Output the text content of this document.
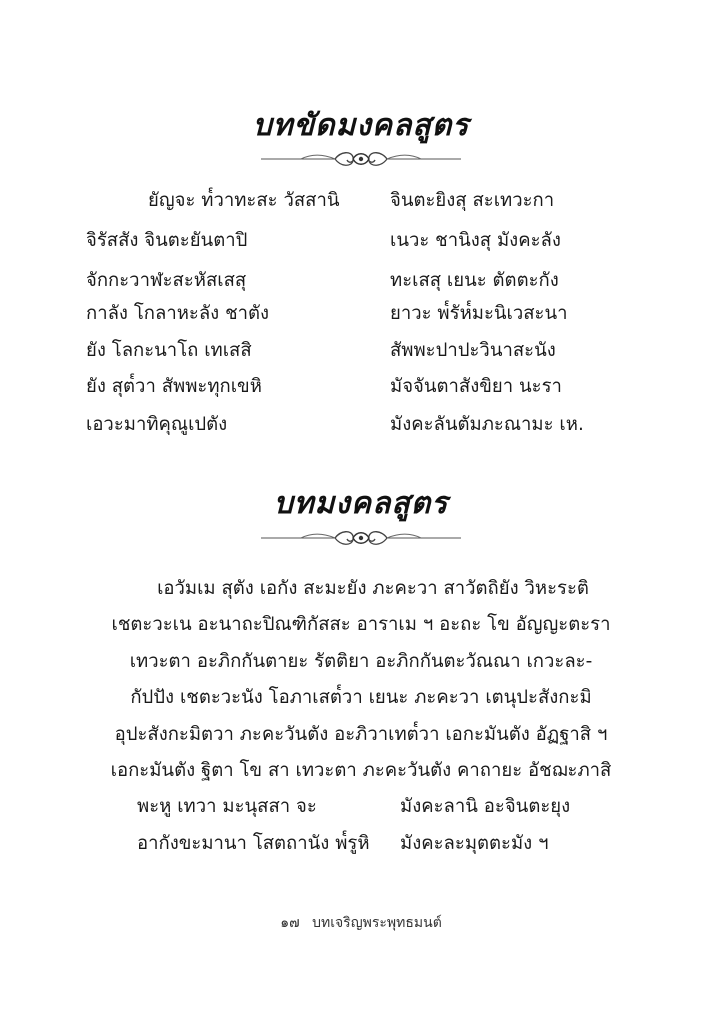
บทขัดมงคลสูตร
ยัญจะ ท๎วาทะสะ วัสสานิ	จินตะยิงสุ สะเทวะกา
จิรัสสัง จินตะยันตาปิ	เนวะ ชานิงสุ มังคะลัง
จักกะวาฬะสะหัสเสสุ	ทะเสสุ เยนะ ตัตตะกัง
กาลัง โกลาหะลัง ชาตัง	ยาวะ พ๎รัห๎มะนิเวสะนา
ยัง โลกะนาโถ เทเสสิ	สัพพะปาปะวินาสะนัง
ยัง สุต๎วา สัพพะทุกเขหิ	มัจจันตาสังขิยา นะรา
เอวะมาทิคุณูเปตัง	มังคะลันตัมภะณามะ เห.
บทมงคลสูตร
เอวัมเม สุตัง เอกัง สะมะยัง ภะคะวา สาวัตถิยัง วิหะระติ
เชตะวะเน อะนาถะปิณฑิกัสสะ อาราเม ฯ อะถะ โข อัญญะตะรา
เทวะตา อะภิกกันตายะ รัตติยา อะภิกกันตะวัณณา เกวะละ-
กัปปัง เชตะวะนัง โอภาเสต๎วา เยนะ ภะคะวา เตนุปะสังกะมิ
อุปะสังกะมิตวา ภะคะวันตัง อะภิวาเทต๎วา เอกะมันตัง อัฏฐาสิ ฯ
เอกะมันตัง ฐิตา โข สา เทวะตา ภะคะวันตัง คาถายะ อัชฌะภาสิ
พะหู เทวา มะนุสสา จะ	มังคะลานิ อะจินตะยุง
อากังขะมานา โสตถานัง พ๎รูหิ	มังคะละมุตตะมัง ฯ
๑๗ บทเจริญพระพุทธมนต์
